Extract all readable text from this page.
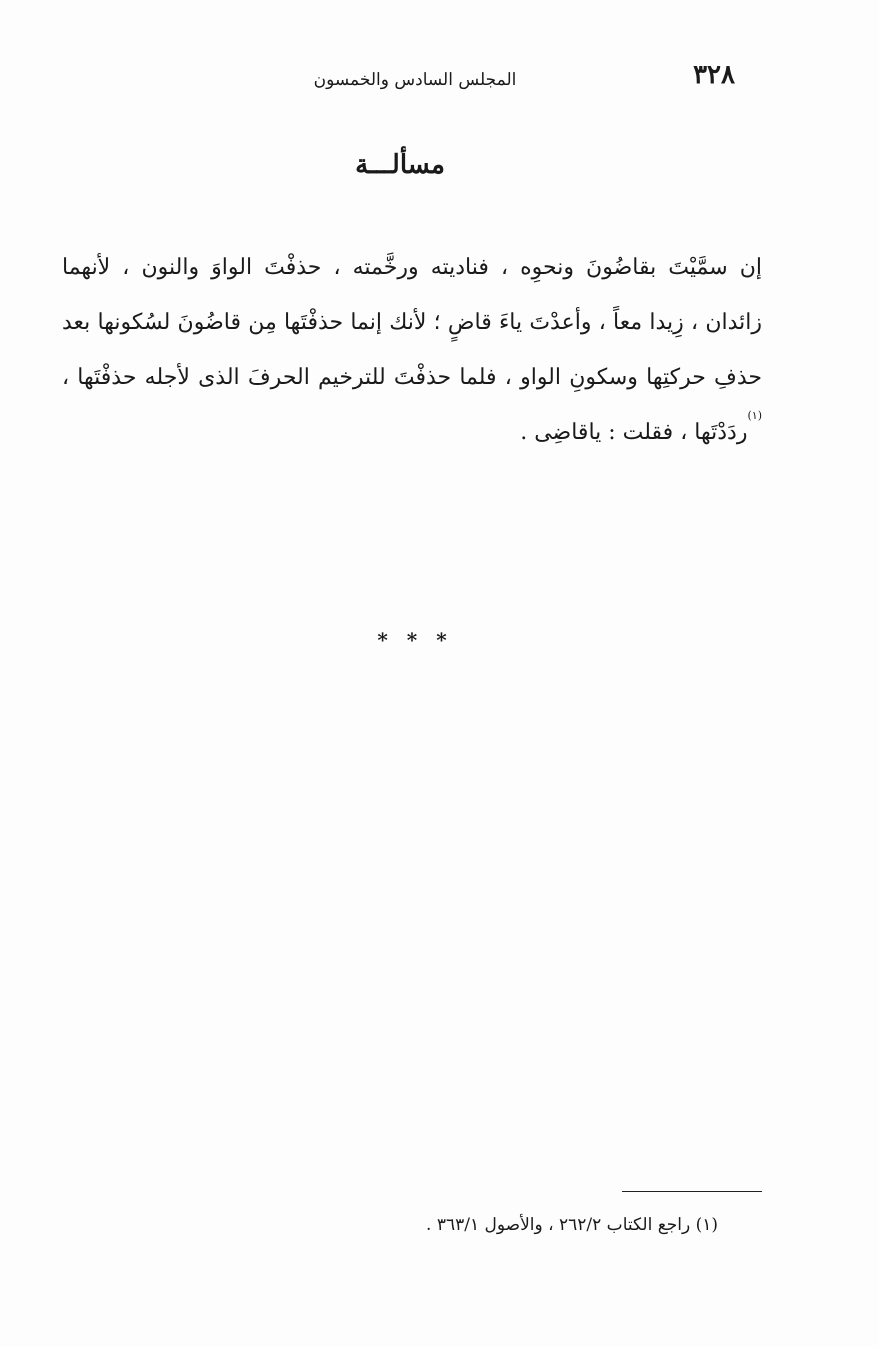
٣٢٨
المجلس السادس والخمسون
مسألـــة
إن سمَّيْتَ بقاضُونَ ونحوِه ، فناديته ورخَّمته ، حذفْتَ الواوَ والنون ، لأنهما زائدان ، زِيدا معاً ، وأعدْتَ ياءَ قاضٍ ؛ لأنك إنما حذفْتَها مِن قاضُونَ لسُكونها بعد حذفِ حركتِها وسكونِ الواو ، فلما حذفْتَ للترخيم الحرفَ الذى لأجله حذفْتَها ، $^{(١)}$ردَدْتَها ، فقلت : ياقاضِى .
* * *
(١) راجع الكتاب ٢٦٢/٢ ، والأصول ٣٦٣/١ .
